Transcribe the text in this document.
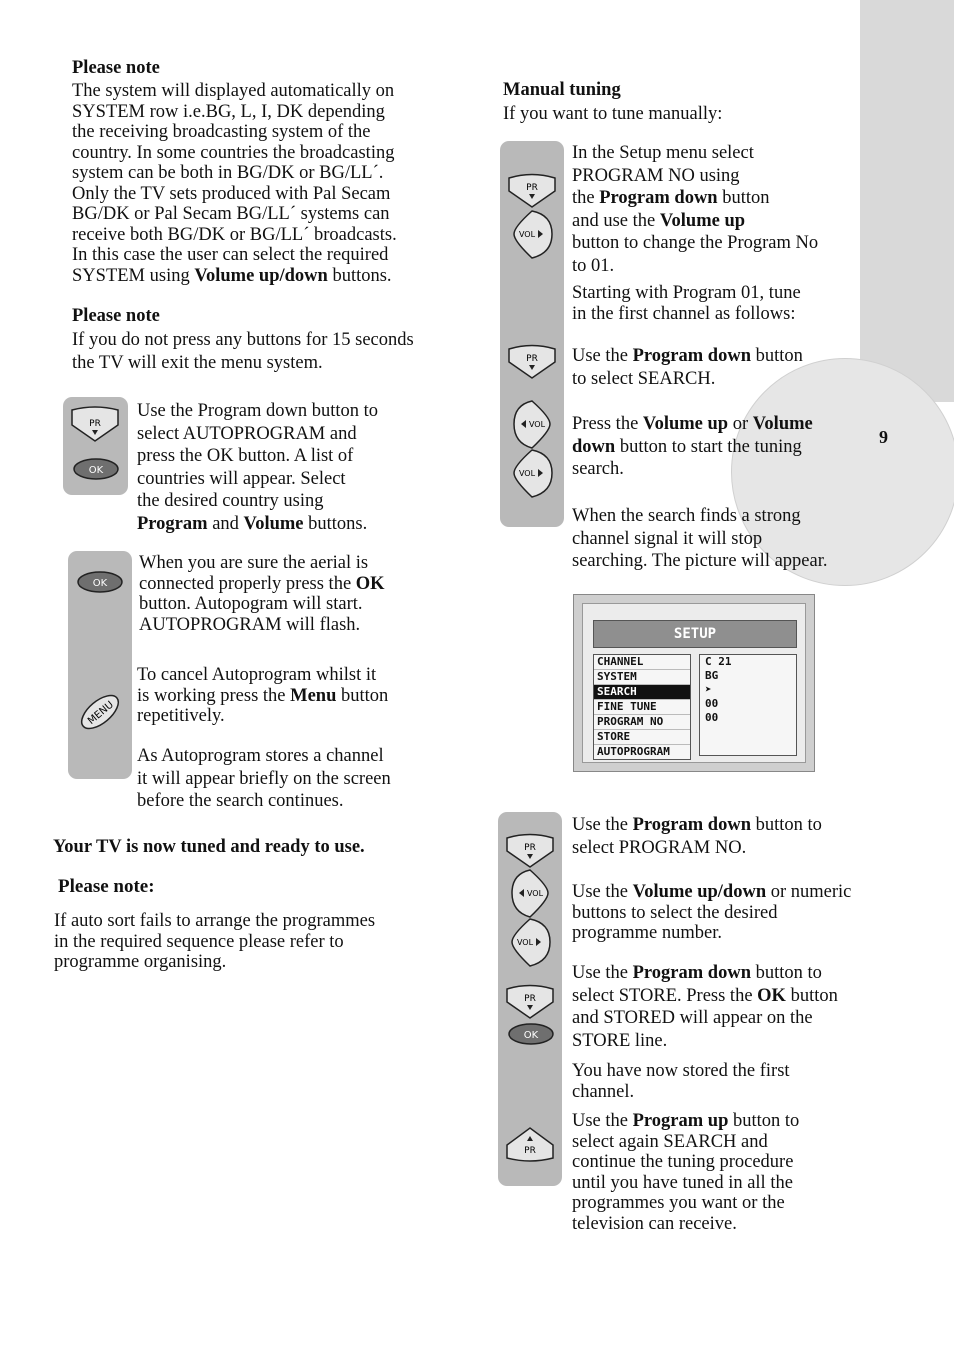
9
Please note
The system will displayed automatically on
SYSTEM row i.e.BG, L, I, DK depending
the receiving broadcasting system of the
country. In some countries the broadcasting
system can be both in BG/DK or BG/LL´.
Only the TV sets produced with Pal Secam
BG/DK or Pal Secam BG/LL´ systems can
receive both BG/DK or BG/LL´ broadcasts.
In this case the user can select the required
SYSTEM using Volume up/down buttons.
Please note
If you do not press any buttons for 15 seconds
the TV will exit the menu system.
PR
OK
Use the Program down button to
select AUTOPROGRAM and
press the OK button. A list of
countries will appear. Select
the desired country using
Program and Volume buttons.
OK
MENU
When you are sure the aerial is
connected properly press the OK
button. Autopogram will start.
AUTOPROGRAM will flash.
To cancel Autoprogram whilst it
is working press the Menu button
repetitively.
As Autoprogram stores a channel
it will appear briefly on the screen
before the search continues.
Your TV is now tuned and ready to use.
Please note:
If auto sort fails to arrange the programmes
in the required sequence please refer to
programme organising.
Manual tuning
If you want to tune manually:
PR
VOL
PR
VOL
VOL
In the Setup menu select
PROGRAM NO using
the Program down button
and use the Volume up
button to change the Program No
to 01.
Starting with Program 01, tune
in the first channel as follows:
Use the Program down button
to select SEARCH.
Press the Volume up or Volume
down button to start the tuning
search.
When the search finds a strong
channel signal it will stop
searching. The picture will appear.
SETUP
CHANNEL
SYSTEM
SEARCH
FINE TUNE
PROGRAM NO
STORE
AUTOPROGRAM
C 21
BG
➤
00
00
PR
VOL
VOL
PR
OK
PR
Use the Program down button to
select PROGRAM NO.
Use the Volume up/down or numeric
buttons to select the desired
programme number.
Use the Program down button to
select STORE. Press the OK button
and STORED will appear on the
STORE line.
You have now stored the first
channel.
Use the Program up button to
select again SEARCH and
continue the tuning procedure
until you have tuned in all the
programmes you want or the
television can receive.
